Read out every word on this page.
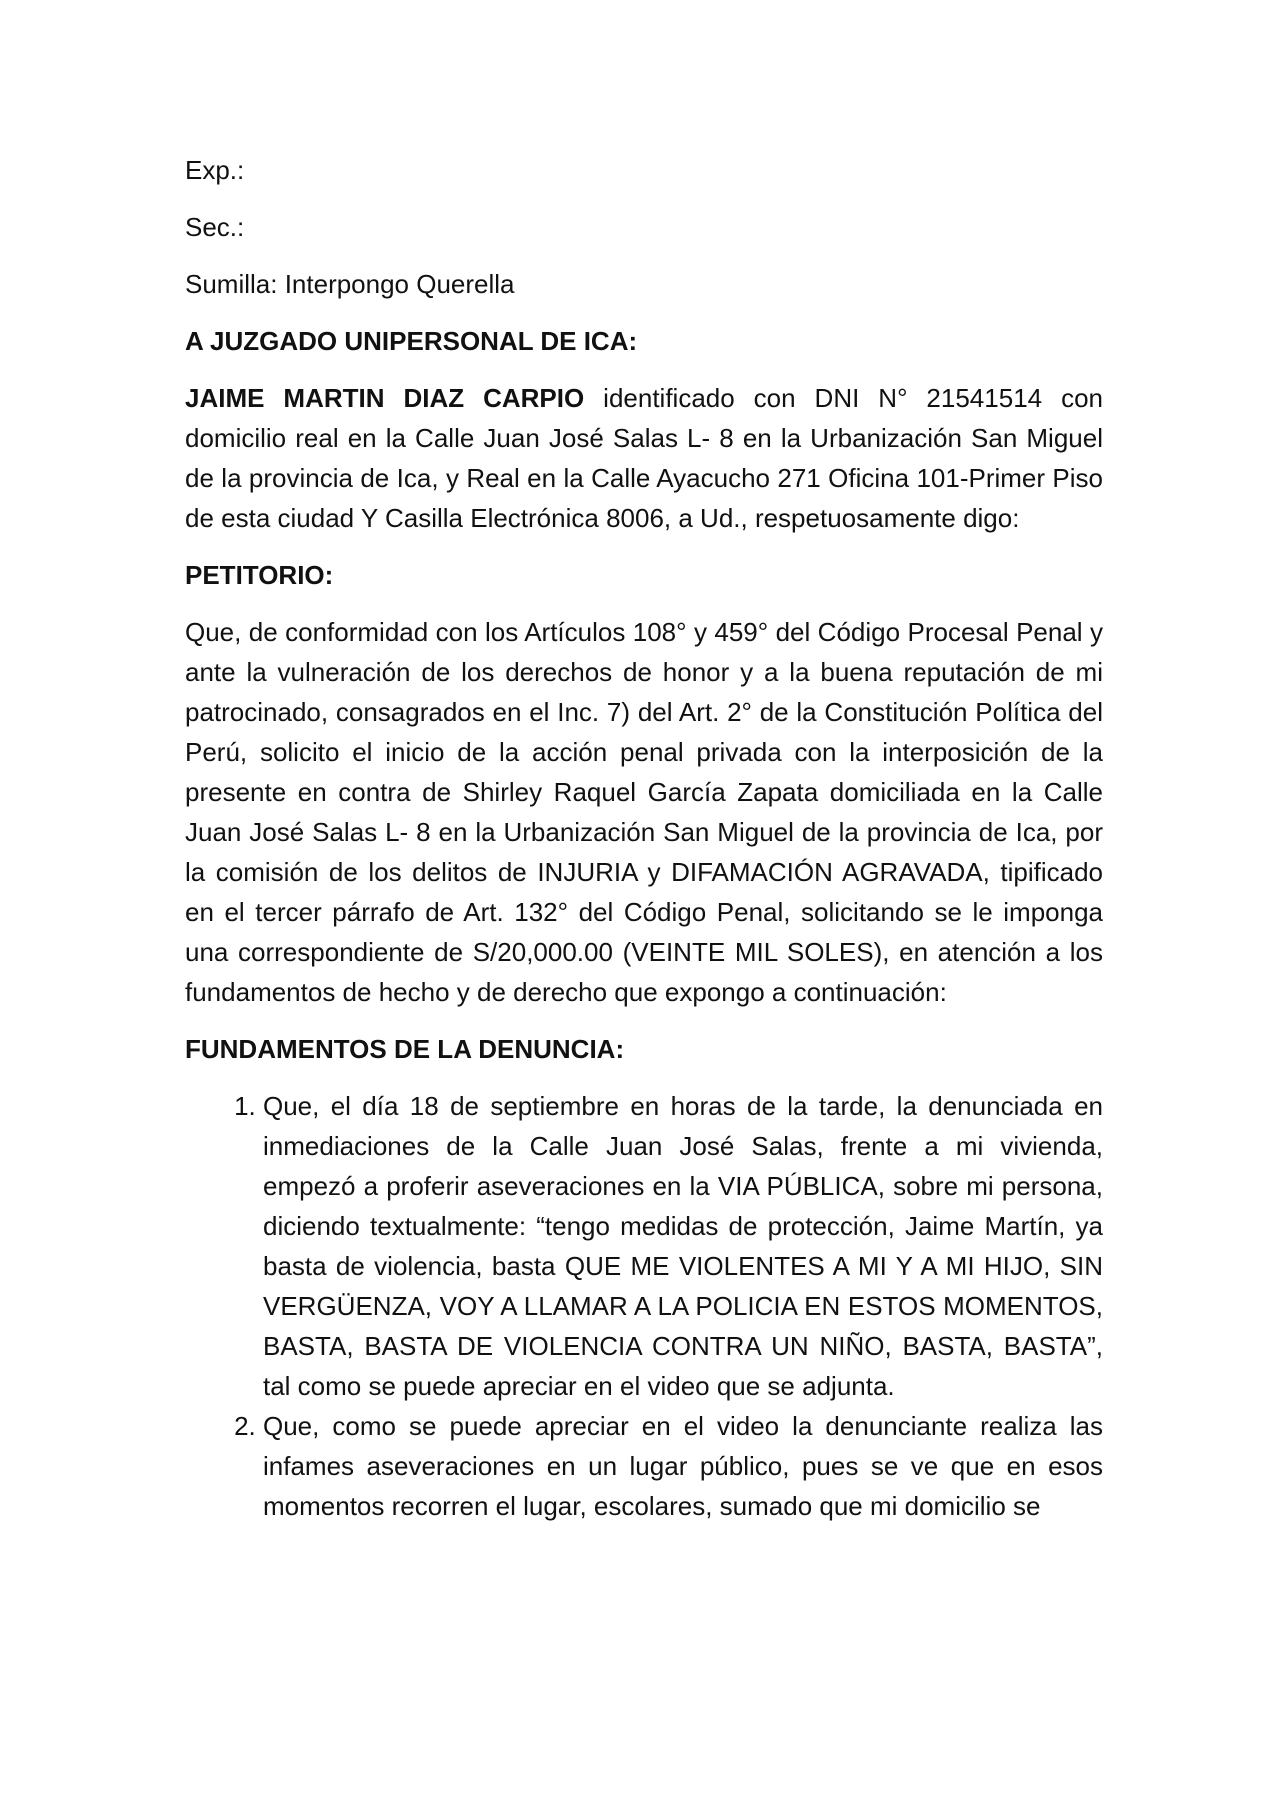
Exp.:

Sec.:

Sumilla: Interpongo Querella

A JUZGADO UNIPERSONAL DE ICA:

JAIME MARTIN DIAZ CARPIO identificado con DNI N° 21541514 con domicilio real en la Calle Juan José Salas L- 8 en la Urbanización San Miguel de la provincia de Ica, y Real en la Calle Ayacucho 271 Oficina 101-Primer Piso de esta ciudad Y Casilla Electrónica 8006, a Ud., respetuosamente digo:

PETITORIO:

Que, de conformidad con los Artículos 108° y 459° del Código Procesal Penal y ante la vulneración de los derechos de honor y a la buena reputación de mi patrocinado, consagrados en el Inc. 7) del Art. 2° de la Constitución Política del Perú, solicito el inicio de la acción penal privada con la interposición de la presente en contra de Shirley Raquel García Zapata domiciliada en la Calle Juan José Salas L- 8 en la Urbanización San Miguel de la provincia de Ica, por la comisión de los delitos de INJURIA y DIFAMACIÓN AGRAVADA, tipificado en el tercer párrafo de Art. 132° del Código Penal, solicitando se le imponga una correspondiente de S/20,000.00 (VEINTE MIL SOLES), en atención a los fundamentos de hecho y de derecho que expongo a continuación:

FUNDAMENTOS DE LA DENUNCIA:

1. Que, el día 18 de septiembre en horas de la tarde, la denunciada en inmediaciones de la Calle Juan José Salas, frente a mi vivienda, empezó a proferir aseveraciones en la VIA PÚBLICA, sobre mi persona, diciendo textualmente: “tengo medidas de protección, Jaime Martín, ya basta de violencia, basta QUE ME VIOLENTES A MI Y A MI HIJO, SIN VERGÜENZA, VOY A LLAMAR A LA POLICIA EN ESTOS MOMENTOS, BASTA, BASTA DE VIOLENCIA CONTRA UN NIÑO, BASTA, BASTA”, tal como se puede apreciar en el video que se adjunta.
2. Que, como se puede apreciar en el video la denunciante realiza las infames aseveraciones en un lugar público, pues se ve que en esos momentos recorren el lugar, escolares, sumado que mi domicilio se
